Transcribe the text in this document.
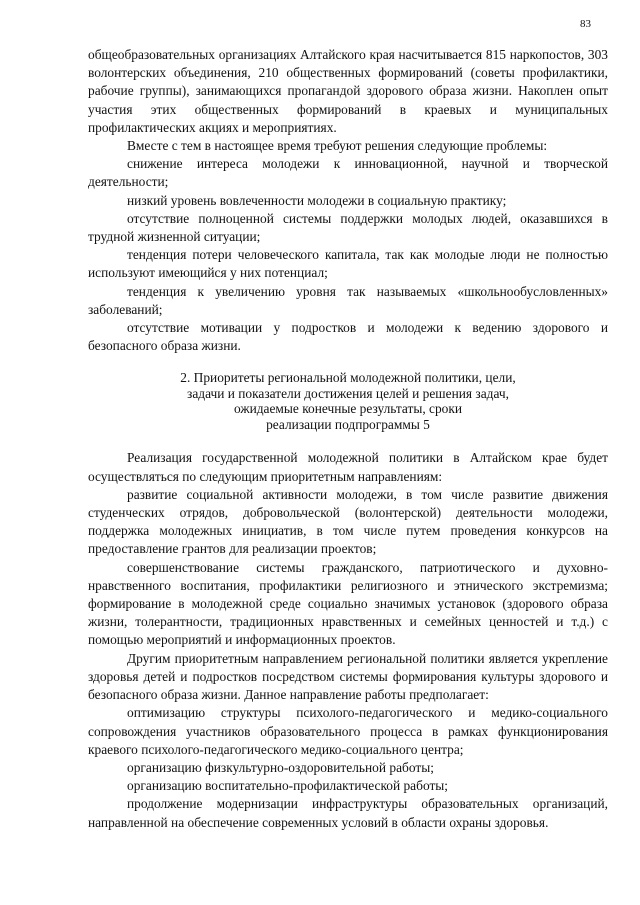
83

общеобразовательных организациях Алтайского края насчитывается 815 наркопостов, 303 волонтерских объединения, 210 общественных формирований (советы профилактики, рабочие группы), занимающихся пропагандой здорового образа жизни. Накоплен опыт участия этих общественных формирований в краевых и муниципальных профилактических акциях и мероприятиях.

Вместе с тем в настоящее время требуют решения следующие проблемы:

снижение интереса молодежи к инновационной, научной и творческой деятельности;

низкий уровень вовлеченности молодежи в социальную практику;

отсутствие полноценной системы поддержки молодых людей, оказавшихся в трудной жизненной ситуации;

тенденция потери человеческого капитала, так как молодые люди не полностью используют имеющийся у них потенциал;

тенденция к увеличению уровня так называемых «школьнообусловленных» заболеваний;

отсутствие мотивации у подростков и молодежи к ведению здорового и безопасного образа жизни.

2. Приоритеты региональной молодежной политики, цели,
задачи и показатели достижения целей и решения задач,
ожидаемые конечные результаты, сроки
реализации подпрограммы 5

Реализация государственной молодежной политики в Алтайском крае будет осуществляться по следующим приоритетным направлениям:

развитие социальной активности молодежи, в том числе развитие движения студенческих отрядов, добровольческой (волонтерской) деятельности молодежи, поддержка молодежных инициатив, в том числе путем проведения конкурсов на предоставление грантов для реализации проектов;

совершенствование системы гражданского, патриотического и духовно-нравственного воспитания, профилактики религиозного и этнического экстремизма; формирование в молодежной среде социально значимых установок (здорового образа жизни, толерантности, традиционных нравственных и семейных ценностей и т.д.) с помощью мероприятий и информационных проектов.

Другим приоритетным направлением региональной политики является укрепление здоровья детей и подростков посредством системы формирования культуры здорового и безопасного образа жизни. Данное направление работы предполагает:

оптимизацию структуры психолого-педагогического и медико-социального сопровождения участников образовательного процесса в рамках функционирования краевого психолого-педагогического медико-социального центра;

организацию физкультурно-оздоровительной работы;

организацию воспитательно-профилактической работы;

продолжение модернизации инфраструктуры образовательных организаций, направленной на обеспечение современных условий в области охраны здоровья.
